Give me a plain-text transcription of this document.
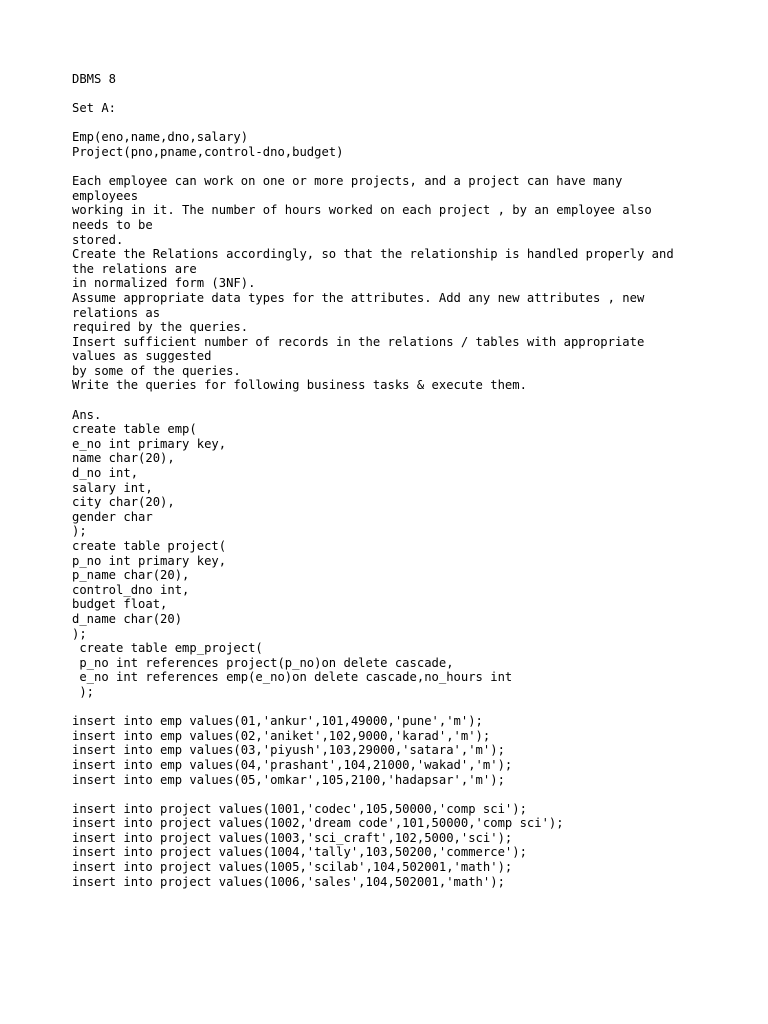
DBMS 8
Set A:
Emp(eno,name,dno,salary)
Project(pno,pname,control-dno,budget)
Each employee can work on one or more projects, and a project can have many
employees
working in it. The number of hours worked on each project , by an employee also
needs to be
stored.
Create the Relations accordingly, so that the relationship is handled properly and
the relations are
in normalized form (3NF).
Assume appropriate data types for the attributes. Add any new attributes , new
relations as
required by the queries.
Insert sufficient number of records in the relations / tables with appropriate
values as suggested
by some of the queries.
Write the queries for following business tasks & execute them.
Ans.
create table emp(
e_no int primary key,
name char(20),
d_no int,
salary int,
city char(20),
gender char
);
create table project(
p_no int primary key,
p_name char(20),
control_dno int,
budget float,
d_name char(20)
);
create table emp_project(
p_no int references project(p_no)on delete cascade,
e_no int references emp(e_no)on delete cascade,no_hours int
);
insert into emp values(01,'ankur',101,49000,'pune','m');
insert into emp values(02,'aniket',102,9000,'karad','m');
insert into emp values(03,'piyush',103,29000,'satara','m');
insert into emp values(04,'prashant',104,21000,'wakad','m');
insert into emp values(05,'omkar',105,2100,'hadapsar','m');
insert into project values(1001,'codec',105,50000,'comp sci');
insert into project values(1002,'dream code',101,50000,'comp sci');
insert into project values(1003,'sci_craft',102,5000,'sci');
insert into project values(1004,'tally',103,50200,'commerce');
insert into project values(1005,'scilab',104,502001,'math');
insert into project values(1006,'sales',104,502001,'math');
